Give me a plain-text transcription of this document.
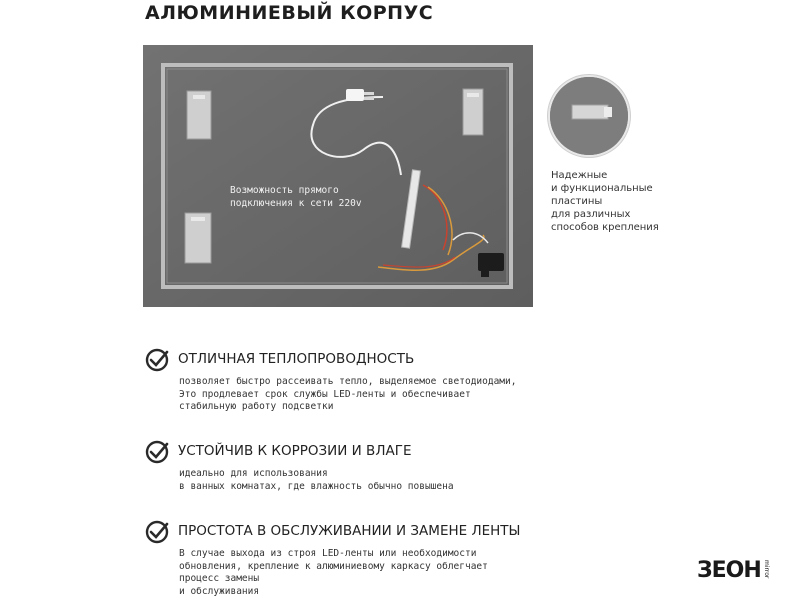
АЛЮМИНИЕВЫЙ КОРПУС
Возможность прямого
подключения к сети 220v
Надежные
и функциональные
пластины
для различных
способов крепления
ОТЛИЧНАЯ ТЕПЛОПРОВОДНОСТЬ
позволяет быстро рассеивать тепло, выделяемое светодиодами,
Это продлевает срок службы LED-ленты и обеспечивает
стабильную работу подсветки
УСТОЙЧИВ К КОРРОЗИИ И ВЛАГЕ
идеально для использования
в ванных комнатах, где влажность обычно повышена
ПРОСТОТА В ОБСЛУЖИВАНИИ И ЗАМЕНЕ ЛЕНТЫ
В случае выхода из строя LED-ленты или необходимости
обновления, крепление к алюминиевому каркасу облегчает
процесс замены
и обслуживания
ЗЕОН mirror
